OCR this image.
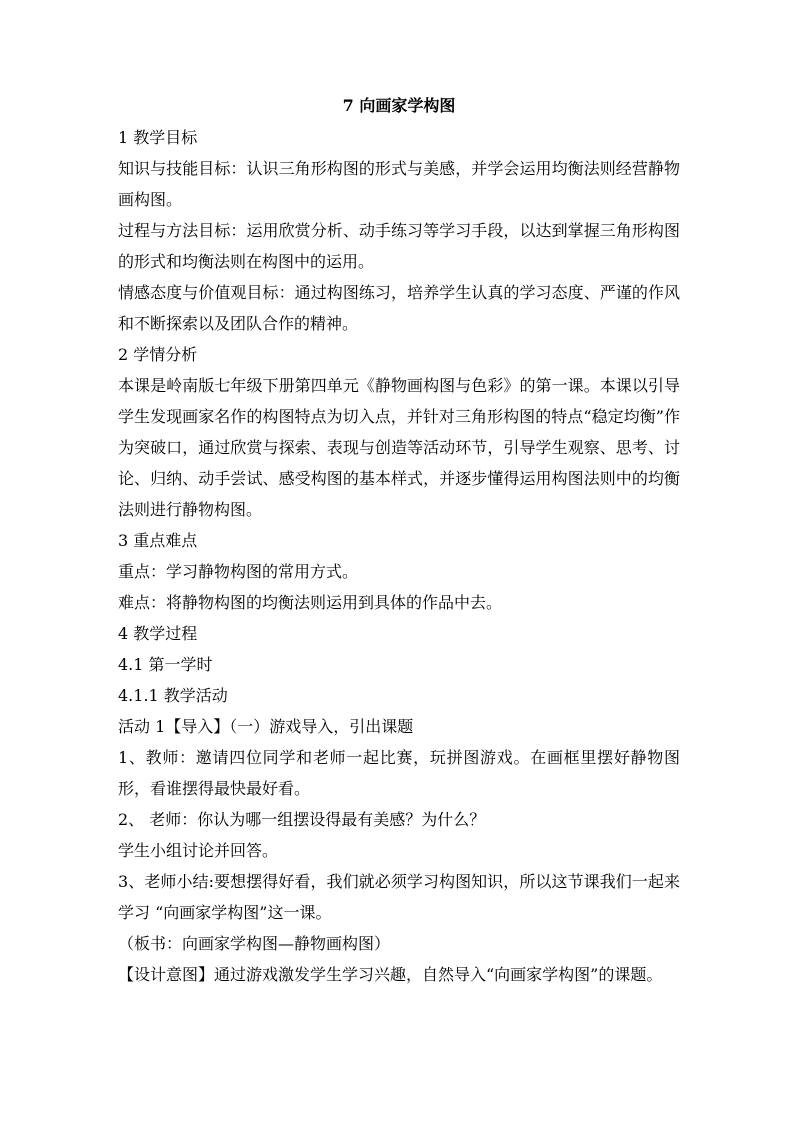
7 向画家学构图

1 教学目标

知识与技能目标：认识三角形构图的形式与美感，并学会运用均衡法则经营静物画构图。

过程与方法目标：运用欣赏分析、动手练习等学习手段，以达到掌握三角形构图的形式和均衡法则在构图中的运用。

情感态度与价值观目标：通过构图练习，培养学生认真的学习态度、严谨的作风和不断探索以及团队合作的精神。

2 学情分析

本课是岭南版七年级下册第四单元《静物画构图与色彩》的第一课。本课以引导学生发现画家名作的构图特点为切入点，并针对三角形构图的特点“稳定均衡”作为突破口，通过欣赏与探索、表现与创造等活动环节，引导学生观察、思考、讨论、归纳、动手尝试、感受构图的基本样式，并逐步懂得运用构图法则中的均衡法则进行静物构图。

3 重点难点

重点：学习静物构图的常用方式。

难点：将静物构图的均衡法则运用到具体的作品中去。

4 教学过程

4.1 第一学时

4.1.1 教学活动

活动 1【导入】（一）游戏导入，引出课题

1、教师：邀请四位同学和老师一起比赛，玩拼图游戏。在画框里摆好静物图形，看谁摆得最快最好看。

2、 老师：你认为哪一组摆设得最有美感？为什么？

学生小组讨论并回答。

3、老师小结:要想摆得好看，我们就必须学习构图知识，所以这节课我们一起来学习 “向画家学构图”这一课。

（板书：向画家学构图—静物画构图）

【设计意图】通过游戏激发学生学习兴趣，自然导入“向画家学构图”的课题。
